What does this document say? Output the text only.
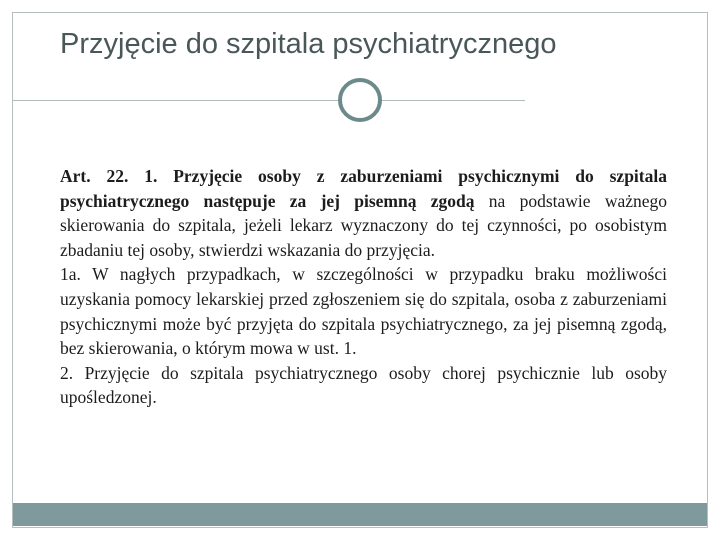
Przyjęcie do szpitala psychiatrycznego

Art. 22. 1. Przyjęcie osoby z zaburzeniami psychicznymi do szpitala psychiatrycznego następuje za jej pisemną zgodą na podstawie ważnego skierowania do szpitala, jeżeli lekarz wyznaczony do tej czynności, po osobistym zbadaniu tej osoby, stwierdzi wskazania do przyjęcia.

1a. W nagłych przypadkach, w szczególności w przypadku braku możliwości uzyskania pomocy lekarskiej przed zgłoszeniem się do szpitala, osoba z zaburzeniami psychicznymi może być przyjęta do szpitala psychiatrycznego, za jej pisemną zgodą, bez skierowania, o którym mowa w ust. 1.

2. Przyjęcie do szpitala psychiatrycznego osoby chorej psychicznie lub osoby upośledzonej.
